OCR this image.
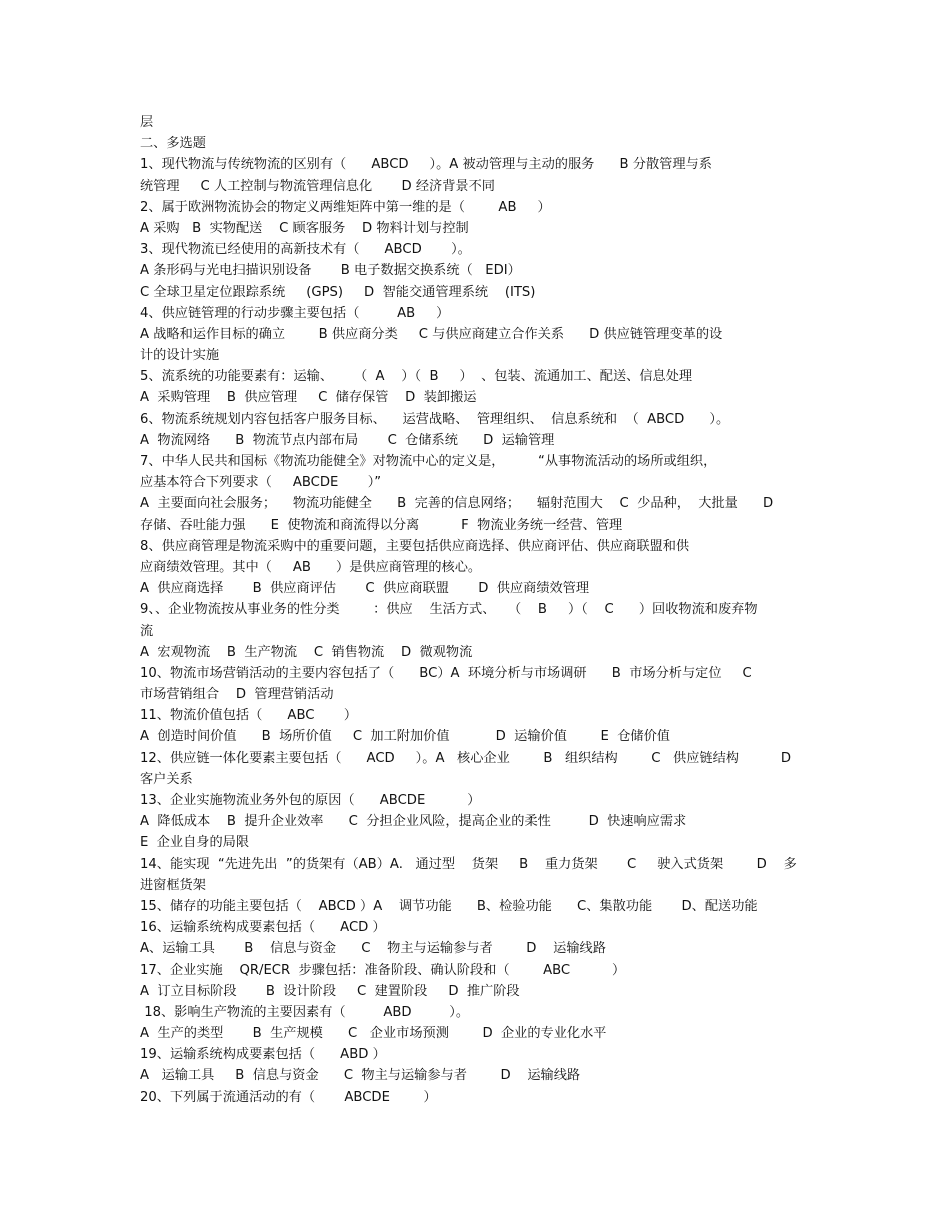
层
二、多选题
1、现代物流与传统物流的区别有（      ABCD     ）。A 被动管理与主动的服务      B 分散管理与系
统管理     C 人工控制与物流管理信息化       D 经济背景不同
2、属于欧洲物流协会的物定义两维矩阵中第一维的是（        AB     ）
A 采购   B  实物配送    C 顾客服务    D 物料计划与控制
3、现代物流已经使用的高新技术有（      ABCD       ）。
A 条形码与光电扫描识别设备       B 电子数据交换系统（   EDI）
C 全球卫星定位跟踪系统     (GPS)     D  智能交通管理系统    (ITS)
4、供应链管理的行动步骤主要包括（         AB     ）
A 战略和运作目标的确立        B 供应商分类     C 与供应商建立合作关系      D 供应链管理变革的设
计的设计实施
5、流系统的功能要素有：运输、     （  A    ）（  B     ）  、包装、流通加工、配送、信息处理
A  采购管理    B  供应管理     C  储存保管    D  装卸搬运
6、物流系统规划内容包括客户服务目标、    运营战略、  管理组织、  信息系统和  （  ABCD      ）。
A  物流网络      B  物流节点内部布局       C  仓储系统      D  运输管理
7、中华人民共和国标《物流功能健全》对物流中心的定义是，        “从事物流活动的场所或组织，
应基本符合下列要求（     ABCDE       ）”
A  主要面向社会服务；    物流功能健全      B  完善的信息网络；    辐射范围大    C  少品种，  大批量      D
存储、吞吐能力强      E  使物流和商流得以分离          F  物流业务统一经营、管理
8、供应商管理是物流采购中的重要问题，主要包括供应商选择、供应商评估、供应商联盟和供
应商绩效管理。其中（     AB      ）是供应商管理的核心。
A  供应商选择       B  供应商评估       C  供应商联盟       D  供应商绩效管理
9、、企业物流按从事业务的性分类        ：供应    生活方式、   （    B     ）（    C      ）回收物流和废弃物
流
A  宏观物流    B  生产物流    C  销售物流    D  微观物流
10、物流市场营销活动的主要内容包括了（      BC）A  环境分析与市场调研      B  市场分析与定位     C
市场营销组合    D  管理营销活动
11、物流价值包括（      ABC       ）
A  创造时间价值      B  场所价值     C  加工附加价值           D  运输价值        E  仓储价值
12、供应链一体化要素主要包括（      ACD     ）。A   核心企业        B   组织结构        C   供应链结构          D
客户关系
13、企业实施物流业务外包的原因（      ABCDE          ）
A  降低成本    B  提升企业效率      C  分担企业风险，提高企业的柔性         D  快速响应需求
E  企业自身的局限
14、能实现  “先进先出  ”的货架有（AB）A.   通过型    货架     B    重力货架       C     驶入式货架        D    多
进窗框货架
15、储存的功能主要包括（    ABCD ）A    调节功能      B、检验功能      C、集散功能       D、配送功能
16、运输系统构成要素包括（      ACD ）
A、运输工具       B    信息与资金      C    物主与运输参与者        D    运输线路
17、企业实施    QR/ECR  步骤包括：准备阶段、确认阶段和（        ABC          ）
A  订立目标阶段       B  设计阶段     C  建置阶段     D  推广阶段
18、影响生产物流的主要因素有（         ABD         ）。
A  生产的类型       B  生产规模      C   企业市场预测        D  企业的专业化水平
19、运输系统构成要素包括（      ABD ）
A   运输工具     B  信息与资金      C  物主与运输参与者        D    运输线路
20、下列属于流通活动的有（       ABCDE        ）
